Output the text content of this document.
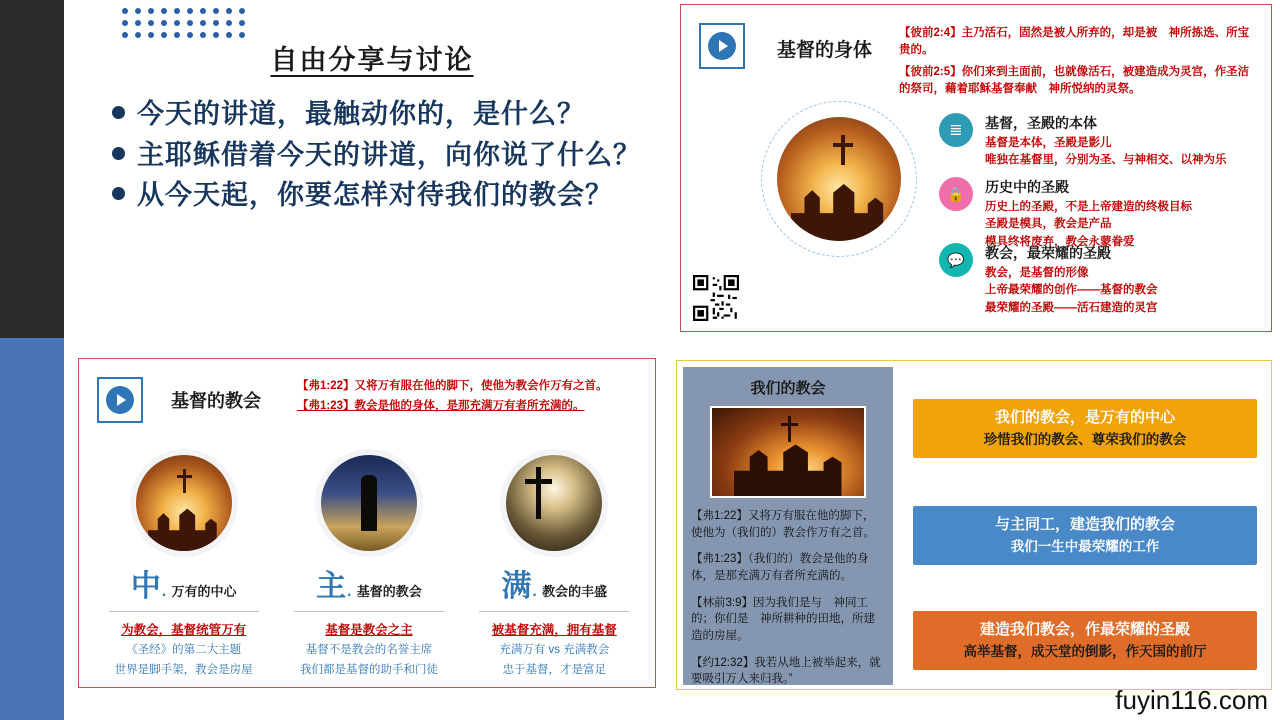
自由分享与讨论
今天的讲道，最触动你的，是什么？
主耶稣借着今天的讲道，向你说了什么？
从今天起，你要怎样对待我们的教会？
基督的身体
【彼前2:4】主乃活石，固然是被人所弃的，却是被　神所拣选、所宝贵的。
【彼前2:5】你们来到主面前，也就像活石，被建造成为灵宫，作圣洁的祭司，藉着耶稣基督奉献　神所悦纳的灵祭。
≣	基督，圣殿的本体
基督是本体，圣殿是影儿
唯独在基督里，分别为圣、与神相交、以神为乐
🔒	历史中的圣殿
历史上的圣殿，不是上帝建造的终极目标
圣殿是模具，教会是产品
模具终将废弃，教会永蒙眷爱
💬	教会，最荣耀的圣殿
教会，是基督的形像
上帝最荣耀的创作——基督的教会
最荣耀的圣殿——活石建造的灵宫
基督的教会
【弗1:22】又将万有服在他的脚下，使他为教会作万有之首。
【弗1:23】教会是他的身体，是那充满万有者所充满的。
中. 万有的中心
为教会，基督统管万有
《圣经》的第二大主题
世界是脚手架，教会是房屋
主. 基督的教会
基督是教会之主
基督不是教会的名誉主席
我们都是基督的助手和门徒
满. 教会的丰盛
被基督充满，拥有基督
充满万有 vs 充满教会
忠于基督，才是富足
我们的教会
【弗1:22】又将万有服在他的脚下，使他为（我们的）教会作万有之首。
【弗1:23】（我们的）教会是他的身体，是那充满万有者所充满的。
【林前3:9】因为我们是与　神同工的；你们是　神所耕种的田地，所建造的房屋。
【约12:32】我若从地上被举起来，就要吸引万人来归我。”
我们的教会，是万有的中心
珍惜我们的教会、尊荣我们的教会
与主同工，建造我们的教会
我们一生中最荣耀的工作
建造我们教会，作最荣耀的圣殿
高举基督，成天堂的倒影，作天国的前厅
fuyin116.com
